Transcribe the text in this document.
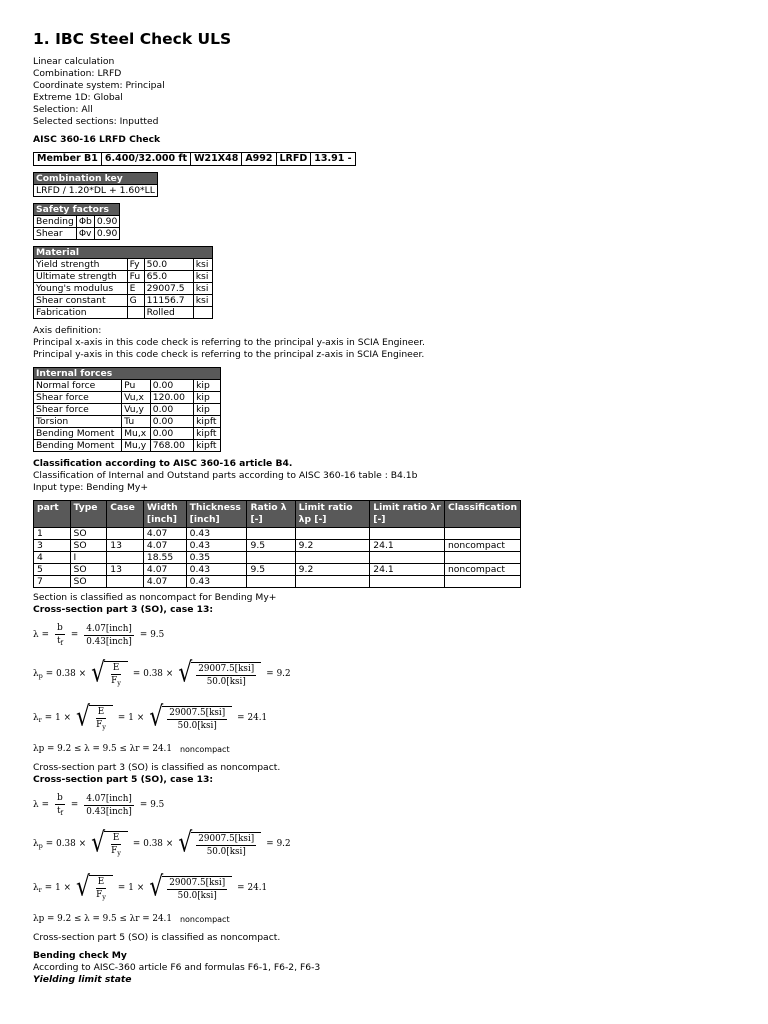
1. IBC Steel Check ULS
Linear calculation
Combination: LRFD
Coordinate system: Principal
Extreme 1D: Global
Selection: All
Selected sections: Inputted
AISC 360-16 LRFD Check
Member B1	6.400/32.000 ft	W21X48	A992	LRFD	13.91 -
Combination key
LRFD / 1.20*DL + 1.60*LL
Safety factors		
Bending	Φb	0.90
Shear	Φv	0.90
Material			
Yield strength	Fy	50.0	ksi
Ultimate strength	Fu	65.0	ksi
Young's modulus	E	29007.5	ksi
Shear constant	G	11156.7	ksi
Fabrication		Rolled	
Axis definition:
Principal x-axis in this code check is referring to the principal y-axis in SCIA Engineer.
Principal y-axis in this code check is referring to the principal z-axis in SCIA Engineer.
Internal forces			
Normal force	Pu	0.00	kip
Shear force	Vu,x	120.00	kip
Shear force	Vu,y	0.00	kip
Torsion	Tu	0.00	kipft
Bending Moment	Mu,x	0.00	kipft
Bending Moment	Mu,y	768.00	kipft
Classification according to AISC 360-16 article B4.
Classification of Internal and Outstand parts according to AISC 360-16 table : B4.1b
Input type: Bending My+
part	Type	Case	Width [inch]	Thickness [inch]	Ratio λ [-]	Limit ratio λp [-]	Limit ratio λr [-]	Classification
1	SO		4.07	0.43				
3	SO	13	4.07	0.43	9.5	9.2	24.1	noncompact
4	I		18.55	0.35				
5	SO	13	4.07	0.43	9.5	9.2	24.1	noncompact
7	SO		4.07	0.43				
Section is classified as noncompact for Bending My+
Cross-section part 3 (SO), case 13:
$\lambda = \frac{b}{t_f} = \frac{\text{4.07[inch]}}{\text{0.43[inch]}} = 9.5$
$\lambda_p = 0.38$ × √ $\frac{E}{F_y} = 0.38$ × √ $\frac{\text{29007.5[ksi]}}{\text{50.0[ksi]}} = 9.2$
$\lambda_r = 1$ × √ $\frac{E}{F_y} = 1$ × √ $\frac{\text{29007.5[ksi]}}{\text{50.0[ksi]}} = 24.1$
λp = 9.2 ≤ λ = 9.5 ≤ λr = 24.1 noncompact
Cross-section part 3 (SO) is classified as noncompact.
Cross-section part 5 (SO), case 13:
$\lambda = \frac{b}{t_f} = \frac{\text{4.07[inch]}}{\text{0.43[inch]}} = 9.5$
$\lambda_p = 0.38$ × √ $\frac{E}{F_y} = 0.38$ × √ $\frac{\text{29007.5[ksi]}}{\text{50.0[ksi]}} = 9.2$
$\lambda_r = 1$ × √ $\frac{E}{F_y} = 1$ × √ $\frac{\text{29007.5[ksi]}}{\text{50.0[ksi]}} = 24.1$
λp = 9.2 ≤ λ = 9.5 ≤ λr = 24.1 noncompact
Cross-section part 5 (SO) is classified as noncompact.
Bending check My
According to AISC-360 article F6 and formulas F6-1, F6-2, F6-3
Yielding limit state
